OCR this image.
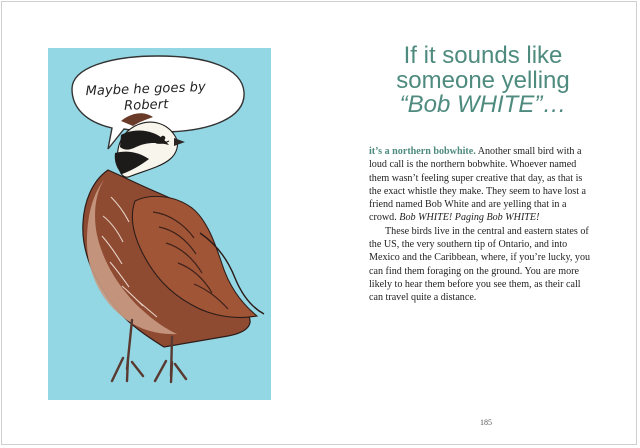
Maybe he goes by
Robert
If it sounds like
someone yelling
“Bob WHITE”…

it’s a northern bobwhite. Another small bird with a loud call is the northern bobwhite. Whoever named them wasn’t feeling super creative that day, as that is the exact whistle they make. They seem to have lost a friend named Bob White and are yelling that in a crowd. Bob WHITE! Paging Bob WHITE!

These birds live in the central and eastern states of the US, the very southern tip of Ontario, and into Mexico and the Caribbean, where, if you’re lucky, you can find them foraging on the ground. You are more likely to hear them before you see them, as their call can travel quite a distance.

185
